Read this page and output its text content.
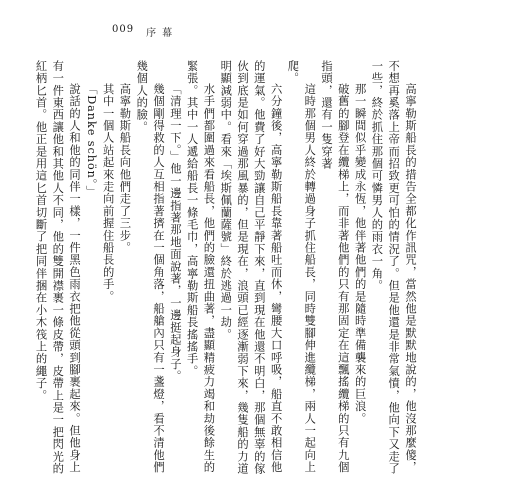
009 序幕

高寧勒斯船長的措告全都化作訊咒，當然他是默默地說的，他沒那麼傻，不想再奚落上帝而招致更可怕的情況了。但是他還是非常氣憤，他向下又走了一些，終於抓住那個可憐男人的雨衣一角。

那一瞬間似乎變成永恆，他伴著他們的是隨時準備襲來的巨浪。

破舊的腳登在纜梯上，而非著他們的只有那固定在這飄搖纜梯的只有九個指頭，還有一隻穿著

這時那個男人終於轉過身子抓住船長，同時雙腳伸進纜梯，兩人一起向上爬。

六分鐘後，高寧勒斯船長靠著船吐而休，彎腰大口呼吸，船直不敢相信他的運氣。他費了好大勁讓自己平靜下來，直到現在他還不明白，那個無辜的傢伙到底是如何穿過那風暴的，但是現在，浪頭已經逐漸弱下來，幾隻船的力道明顯減弱中。看來「埃斯佩蘭薩號」終於逃過一劫。

水手們都圍過來看船長，他們的臉還扭曲著，盡顯精疲力竭和劫後餘生的緊張。其中一人遞給船長一條毛巾，高寧勒斯船長搖搖手。

「清理一下。」他一邊指著那地面說著，一邊挺起身子。

幾個剛得救的人互相指著擠在一個角落，船艙內只有一盞燈，看不清他們幾個人的臉。

高寧勒斯船長向他們走了三步。

其中一個人站起來走向前握住船長的手。

「Danke schön。」

說話的人和他的同伴一樣，一件黑色雨衣把他從頭到腳裹起來。但他身上有一件東西讓他和其他人不同，他的雙開襟裹一條皮帶，皮帶上是一把閃光的紅柄匕首。他正是用這匕首切斷了把同伴捆在小木筏上的繩子。
